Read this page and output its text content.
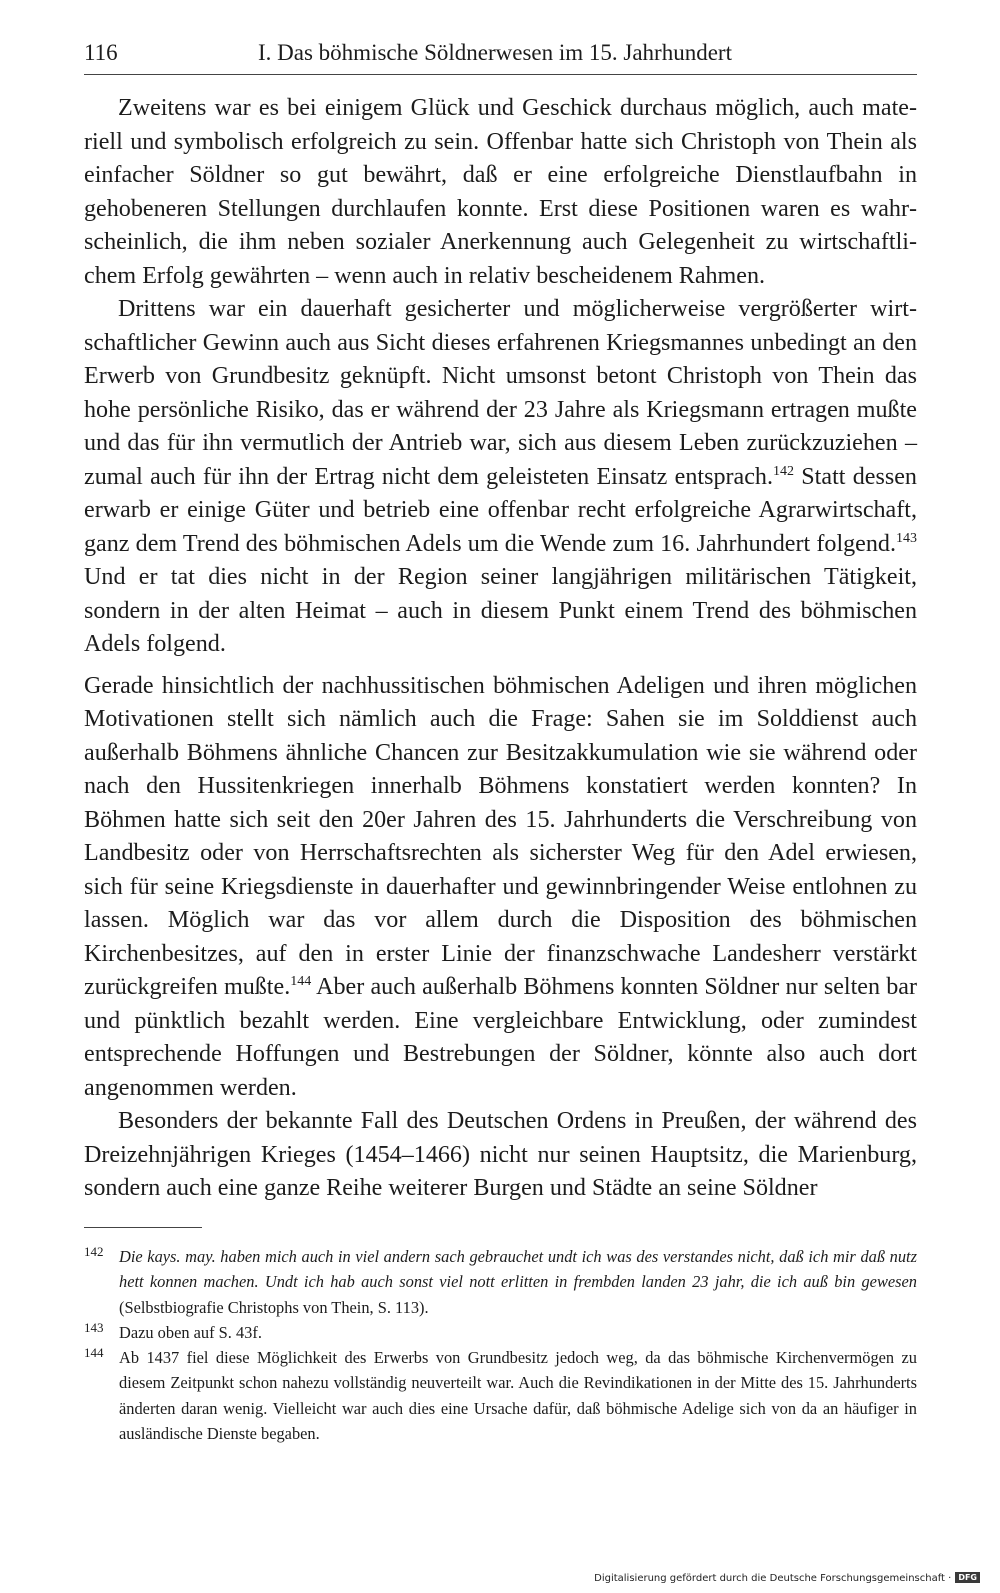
116	I. Das böhmische Söldnerwesen im 15. Jahrhundert

Zweitens war es bei einigem Glück und Geschick durchaus möglich, auch materiell und symbolisch erfolgreich zu sein. Offenbar hatte sich Christoph von Thein als einfacher Söldner so gut bewährt, daß er eine erfolgreiche Dienstlaufbahn in gehobeneren Stellungen durchlaufen konnte. Erst diese Positionen waren es wahrscheinlich, die ihm neben sozialer Anerkennung auch Gelegenheit zu wirtschaftlichem Erfolg gewährten – wenn auch in relativ bescheidenem Rahmen.

Drittens war ein dauerhaft gesicherter und möglicherweise vergrößerter wirtschaftlicher Gewinn auch aus Sicht dieses erfahrenen Kriegsmannes unbedingt an den Erwerb von Grundbesitz geknüpft. Nicht umsonst betont Christoph von Thein das hohe persönliche Risiko, das er während der 23 Jahre als Kriegsmann ertragen mußte und das für ihn vermutlich der Antrieb war, sich aus diesem Leben zurückzuziehen – zumal auch für ihn der Ertrag nicht dem geleisteten Einsatz entsprach.$^{142}$ Statt dessen erwarb er einige Güter und betrieb eine offenbar recht erfolgreiche Agrarwirtschaft, ganz dem Trend des böhmischen Adels um die Wende zum 16. Jahrhundert folgend.$^{143}$ Und er tat dies nicht in der Region seiner langjährigen militärischen Tätigkeit, sondern in der alten Heimat – auch in diesem Punkt einem Trend des böhmischen Adels folgend.

Gerade hinsichtlich der nachhussitischen böhmischen Adeligen und ihren möglichen Motivationen stellt sich nämlich auch die Frage: Sahen sie im Solddienst auch außerhalb Böhmens ähnliche Chancen zur Besitzakkumulation wie sie während oder nach den Hussitenkriegen innerhalb Böhmens konstatiert werden konnten? In Böhmen hatte sich seit den 20er Jahren des 15. Jahrhunderts die Verschreibung von Landbesitz oder von Herrschaftsrechten als sicherster Weg für den Adel erwiesen, sich für seine Kriegsdienste in dauerhafter und gewinnbringender Weise entlohnen zu lassen. Möglich war das vor allem durch die Disposition des böhmischen Kirchenbesitzes, auf den in erster Linie der finanzschwache Landesherr verstärkt zurückgreifen mußte.$^{144}$ Aber auch außerhalb Böhmens konnten Söldner nur selten bar und pünktlich bezahlt werden. Eine vergleichbare Entwicklung, oder zumindest entsprechende Hoffungen und Bestrebungen der Söldner, könnte also auch dort angenommen werden.

Besonders der bekannte Fall des Deutschen Ordens in Preußen, der während des Dreizehnjährigen Krieges (1454–1466) nicht nur seinen Hauptsitz, die Marienburg, sondern auch eine ganze Reihe weiterer Burgen und Städte an seine Söldner

142 Die kays. may. haben mich auch in viel andern sach gebrauchet undt ich was des verstandes nicht, daß ich mir daß nutz hett konnen machen. Undt ich hab auch sonst viel nott erlitten in frembden landen 23 jahr, die ich auß bin gewesen (Selbstbiografie Christophs von Thein, S. 113).
143 Dazu oben auf S. 43f.
144 Ab 1437 fiel diese Möglichkeit des Erwerbs von Grundbesitz jedoch weg, da das böhmische Kirchenvermögen zu diesem Zeitpunkt schon nahezu vollständig neuverteilt war. Auch die Revindikationen in der Mitte des 15. Jahrhunderts änderten daran wenig. Vielleicht war auch dies eine Ursache dafür, daß böhmische Adelige sich von da an häufiger in ausländische Dienste begaben.
Digitalisierung gefördert durch die Deutsche Forschungsgemeinschaft · DFG
